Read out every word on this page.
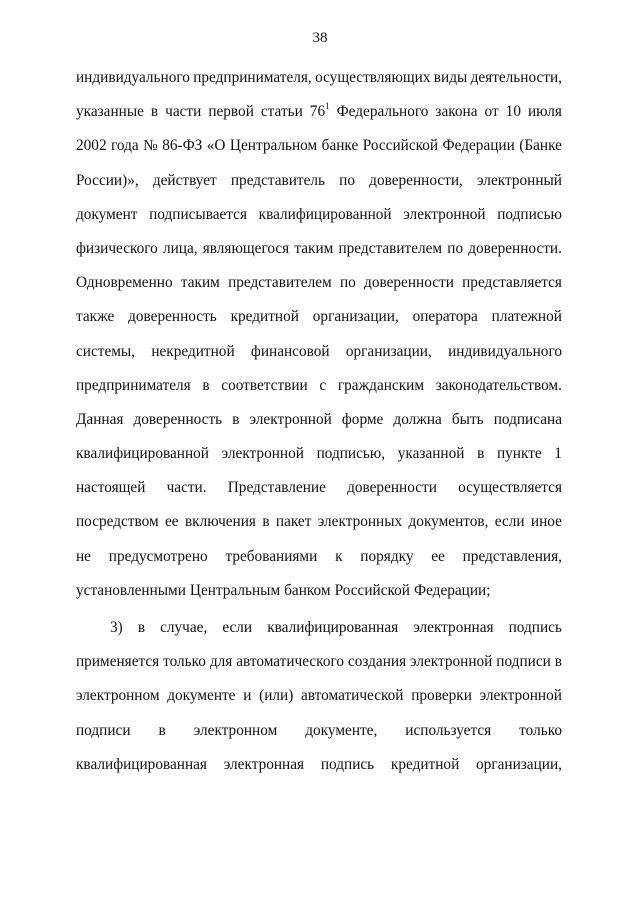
38
индивидуального предпринимателя, осуществляющих виды деятельности,
указанные в части первой статьи $76^1$ Федерального закона от 10 июля
2002 года № 86-ФЗ «О Центральном банке Российской Федерации (Банке
России)», действует представитель по доверенности, электронный
документ подписывается квалифицированной электронной подписью
физического лица, являющегося таким представителем по доверенности.
Одновременно таким представителем по доверенности представляется
также доверенность кредитной организации, оператора платежной
системы, некредитной финансовой организации, индивидуального
предпринимателя в соответствии с гражданским законодательством.
Данная доверенность в электронной форме должна быть подписана
квалифицированной электронной подписью, указанной в пункте 1
настоящей части. Представление доверенности осуществляется
посредством ее включения в пакет электронных документов, если иное
не предусмотрено требованиями к порядку ее представления,
установленными Центральным банком Российской Федерации;
3) в случае, если квалифицированная электронная подпись
применяется только для автоматического создания электронной подписи в
электронном документе и (или) автоматической проверки электронной
подписи в электронном документе, используется только
квалифицированная электронная подпись кредитной организации,
